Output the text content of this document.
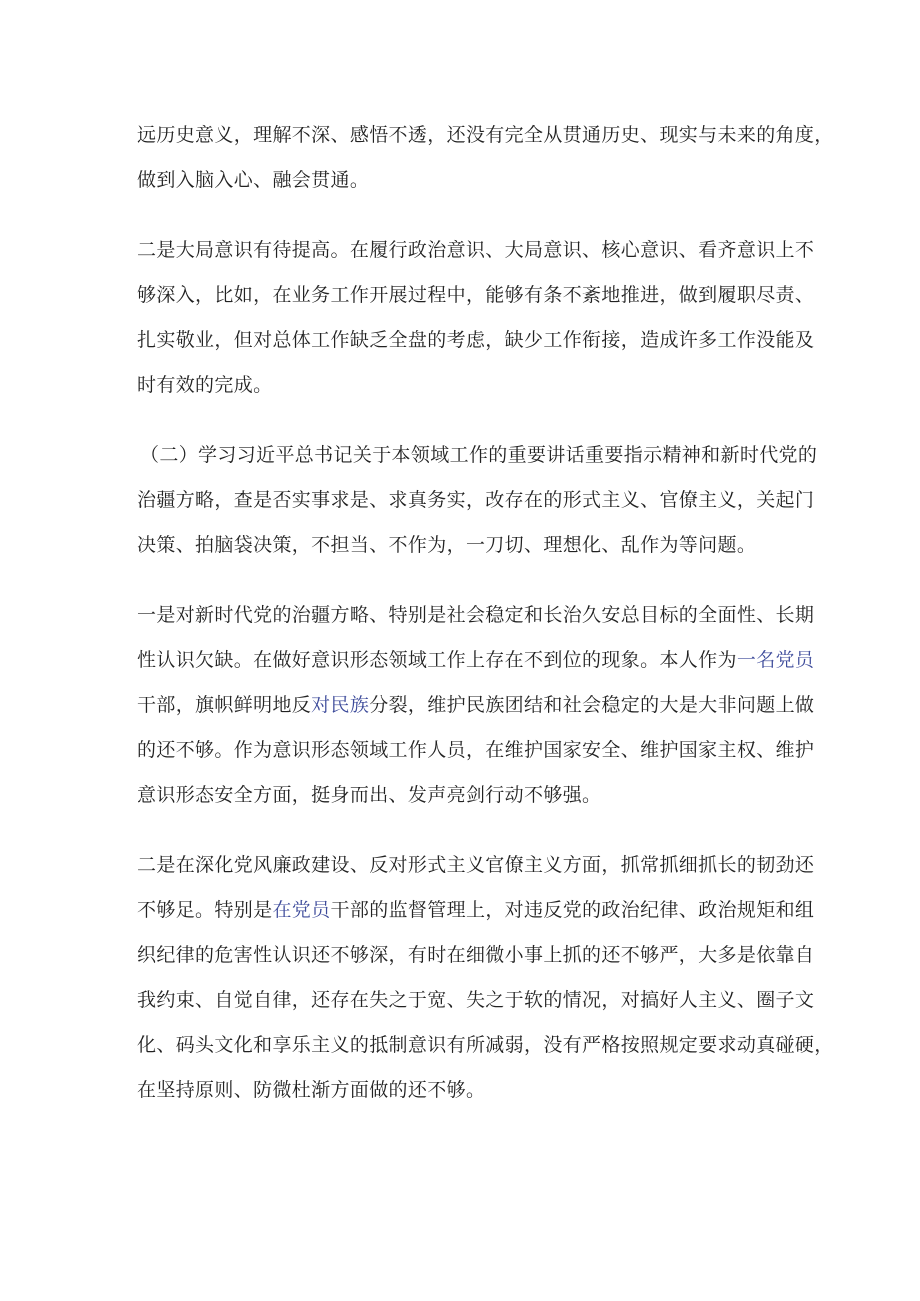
远历史意义，理解不深、感悟不透，还没有完全从贯通历史、现实与未来的角度，
做到入脑入心、融会贯通。
二是大局意识有待提高。在履行政治意识、大局意识、核心意识、看齐意识上不
够深入，比如，在业务工作开展过程中，能够有条不紊地推进，做到履职尽责、
扎实敬业，但对总体工作缺乏全盘的考虑，缺少工作衔接，造成许多工作没能及
时有效的完成。
（二）学习习近平总书记关于本领域工作的重要讲话重要指示精神和新时代党的
治疆方略，查是否实事求是、求真务实，改存在的形式主义、官僚主义，关起门
决策、拍脑袋决策，不担当、不作为，一刀切、理想化、乱作为等问题。
一是对新时代党的治疆方略、特别是社会稳定和长治久安总目标的全面性、长期
性认识欠缺。在做好意识形态领域工作上存在不到位的现象。本人作为一名党员
干部，旗帜鲜明地反对民族分裂，维护民族团结和社会稳定的大是大非问题上做
的还不够。作为意识形态领域工作人员，在维护国家安全、维护国家主权、维护
意识形态安全方面，挺身而出、发声亮剑行动不够强。
二是在深化党风廉政建设、反对形式主义官僚主义方面，抓常抓细抓长的韧劲还
不够足。特别是在党员干部的监督管理上，对违反党的政治纪律、政治规矩和组
织纪律的危害性认识还不够深，有时在细微小事上抓的还不够严，大多是依靠自
我约束、自觉自律，还存在失之于宽、失之于软的情况，对搞好人主义、圈子文
化、码头文化和享乐主义的抵制意识有所减弱，没有严格按照规定要求动真碰硬，
在坚持原则、防微杜渐方面做的还不够。
